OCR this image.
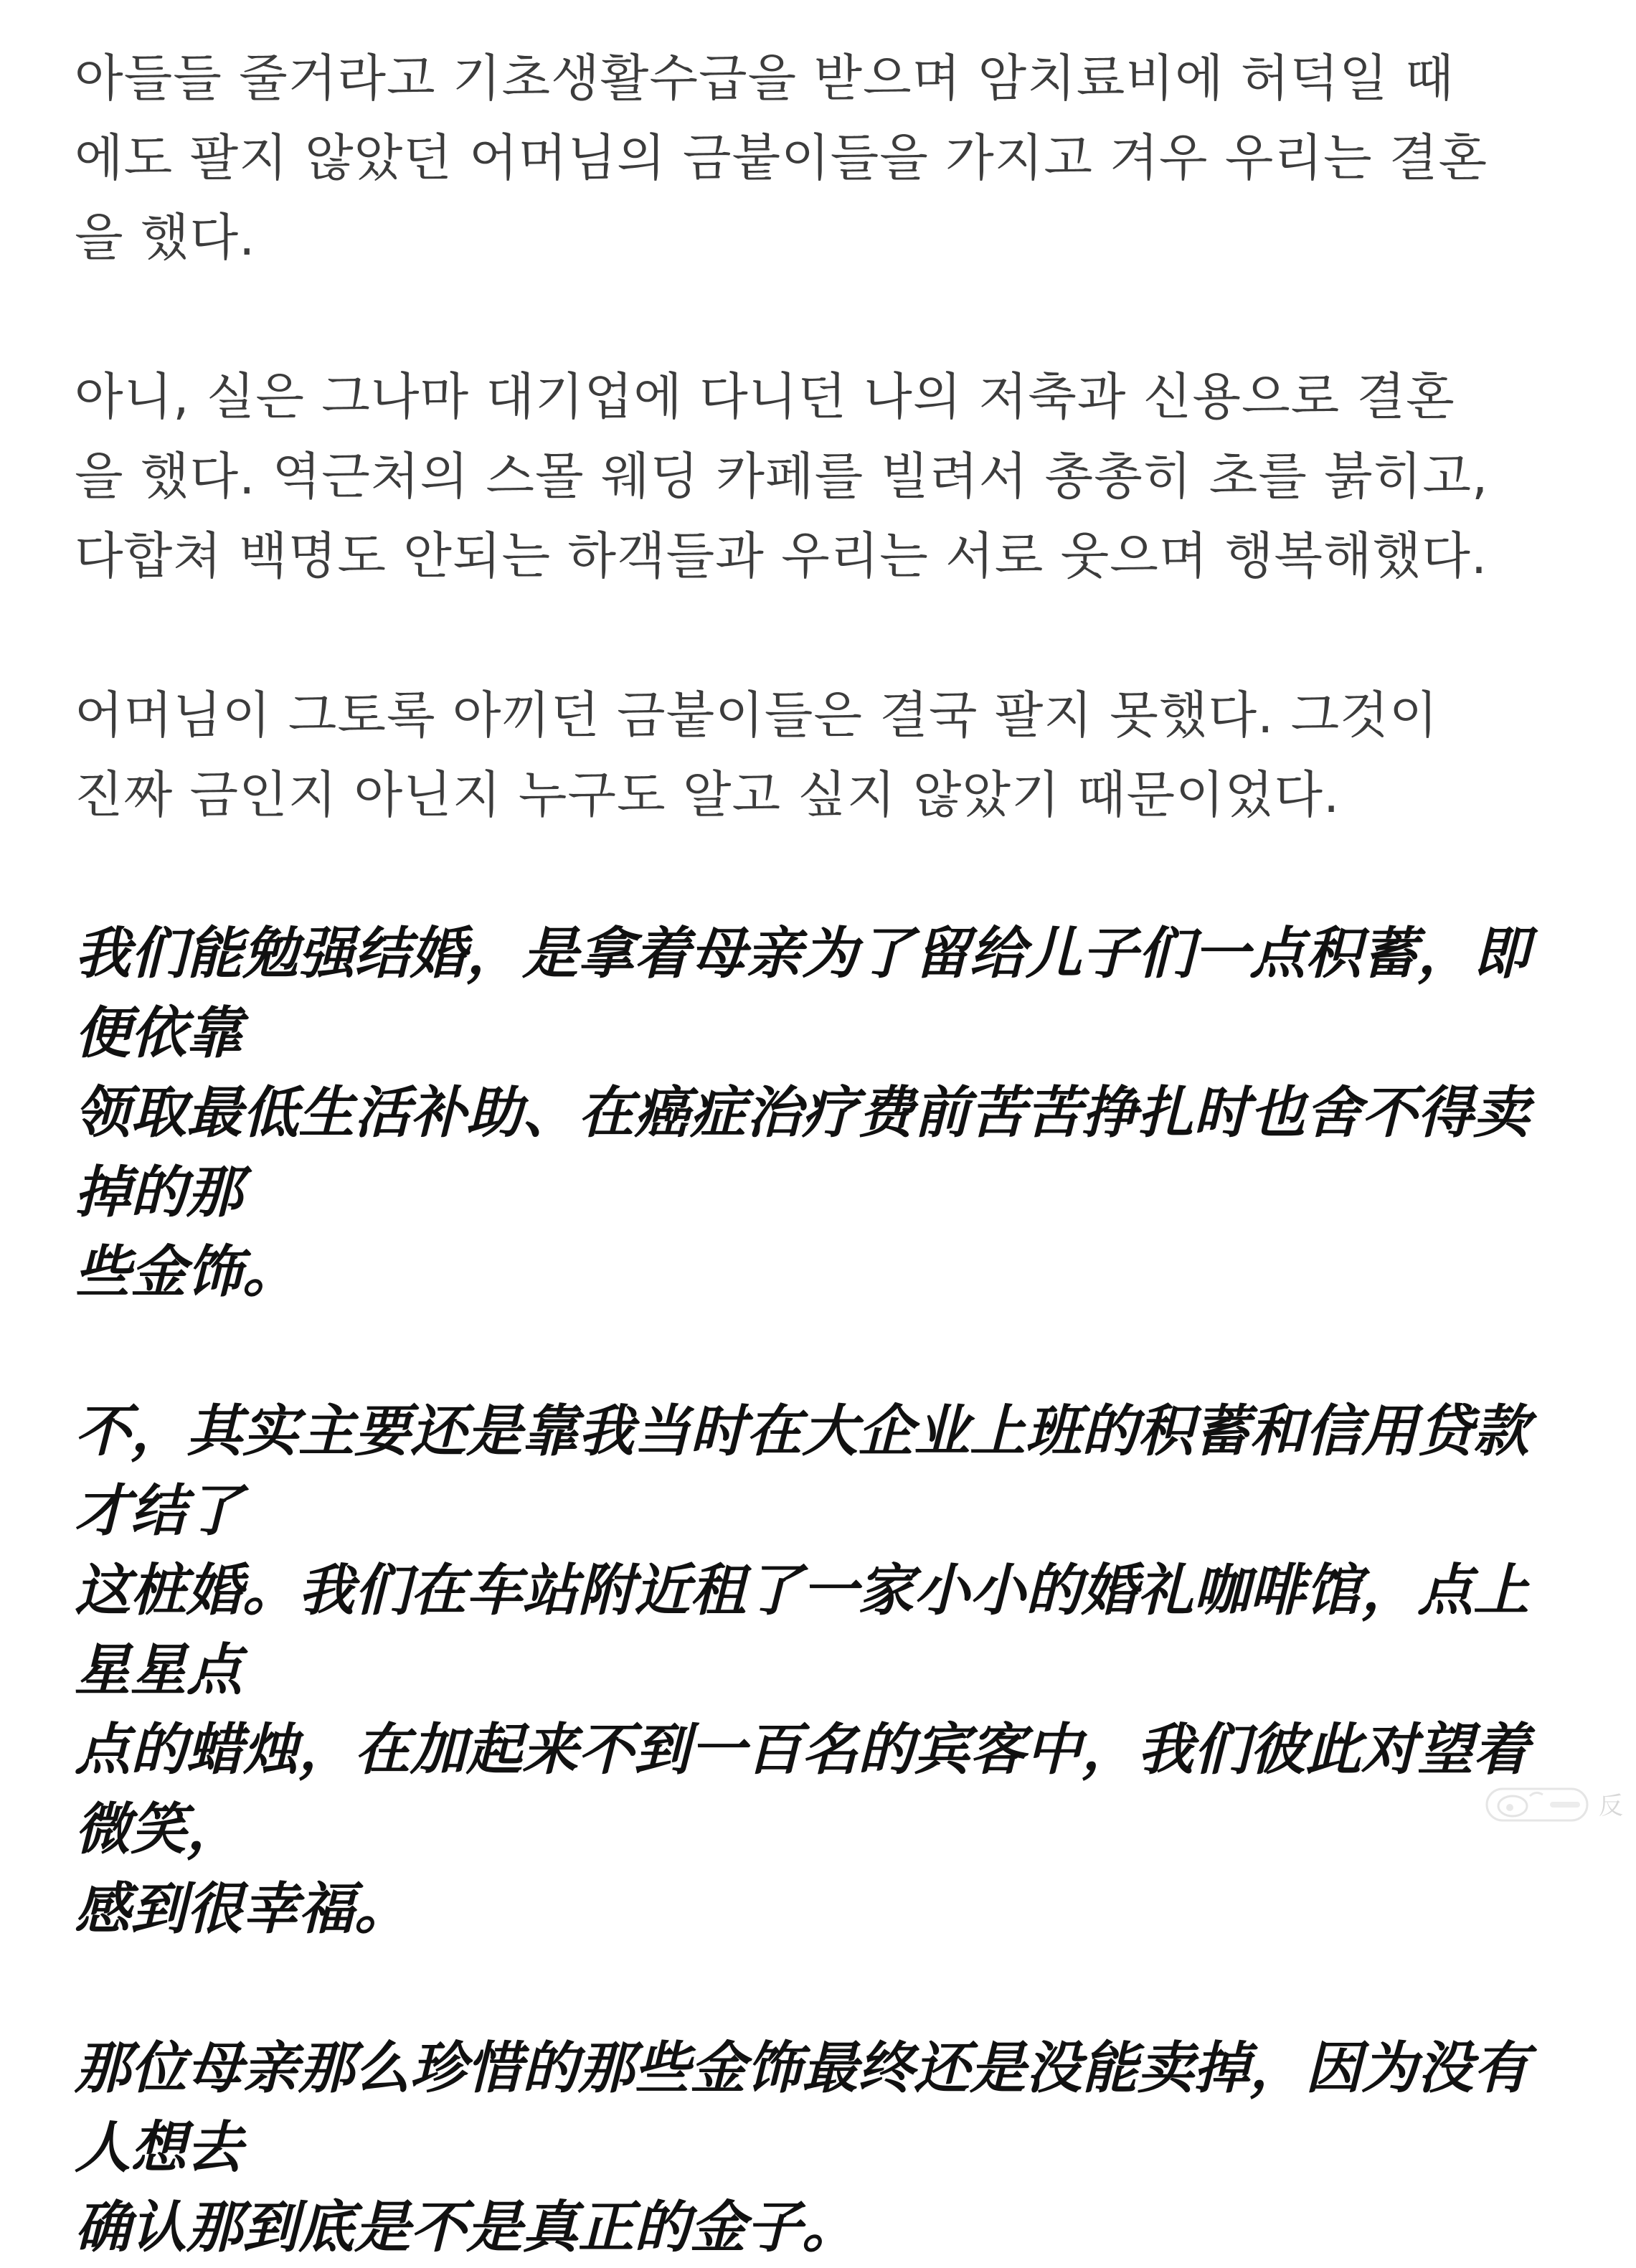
아들들 줄거라고 기초생활수급을 받으며 암치료비에 허덕일 때
에도 팔지 않았던 어머님의 금붙이들을 가지고 겨우 우리는 결혼
을 했다.

아니, 실은 그나마 대기업에 다니던 나의 저축과 신용으로 결혼
을 했다. 역근처의 스몰 웨딩 카페를 빌려서 총총히 초를 붉히고,
다합쳐 백명도 안되는 하객들과 우리는 서로 웃으며 행복해했다.

어머님이 그토록 아끼던 금붙이들은 결국 팔지 못했다. 그것이
진짜 금인지 아닌지 누구도 알고 싶지 않았기 때문이었다.

我们能勉强结婚，是拿着母亲为了留给儿子们一点积蓄，即便依靠
领取最低生活补助、在癌症治疗费前苦苦挣扎时也舍不得卖掉的那
些金饰。

不，其实主要还是靠我当时在大企业上班的积蓄和信用贷款才结了
这桩婚。我们在车站附近租了一家小小的婚礼咖啡馆，点上星星点
点的蜡烛，在加起来不到一百名的宾客中，我们彼此对望着微笑，
感到很幸福。

那位母亲那么珍惜的那些金饰最终还是没能卖掉，因为没有人想去
确认那到底是不是真正的金子。

反
